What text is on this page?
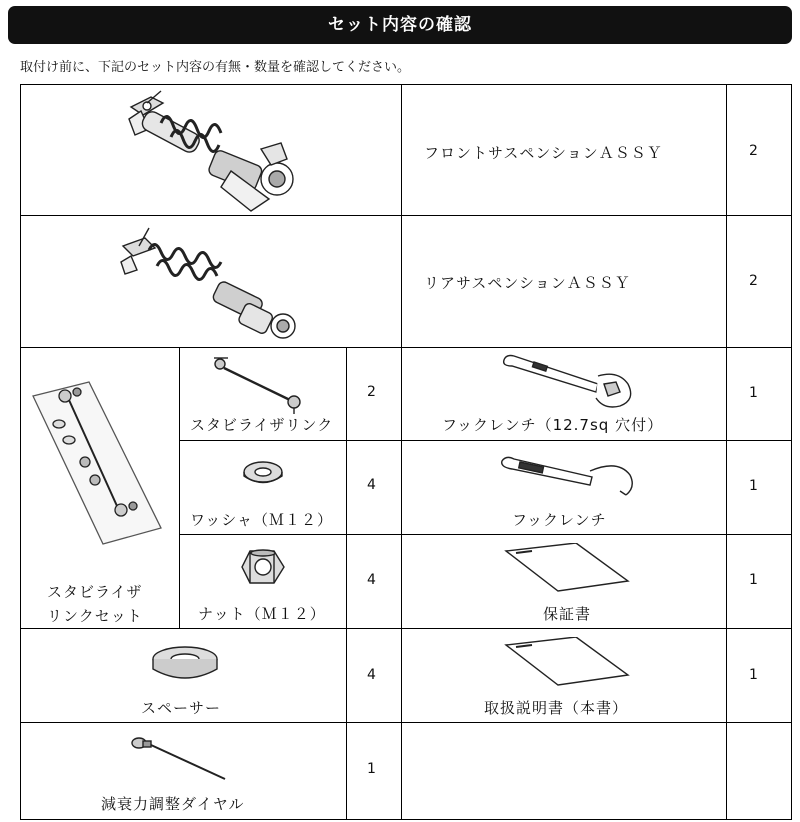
セット内容の確認
取付け前に、下記のセット内容の有無・数量を確認してください。
フロントサスペンションＡＳＳＹ	2
リアサスペンションＡＳＳＹ	2
スタビライザ
リンクセット
スタビライザリンク
2
フックレンチ（12.7sq 穴付）
1
ワッシャ（Ｍ１２）
4
フックレンチ
1
ナット（Ｍ１２）
4
保証書
1
スペーサー
4
取扱説明書（本書）
1
減衰力調整ダイヤル
1
